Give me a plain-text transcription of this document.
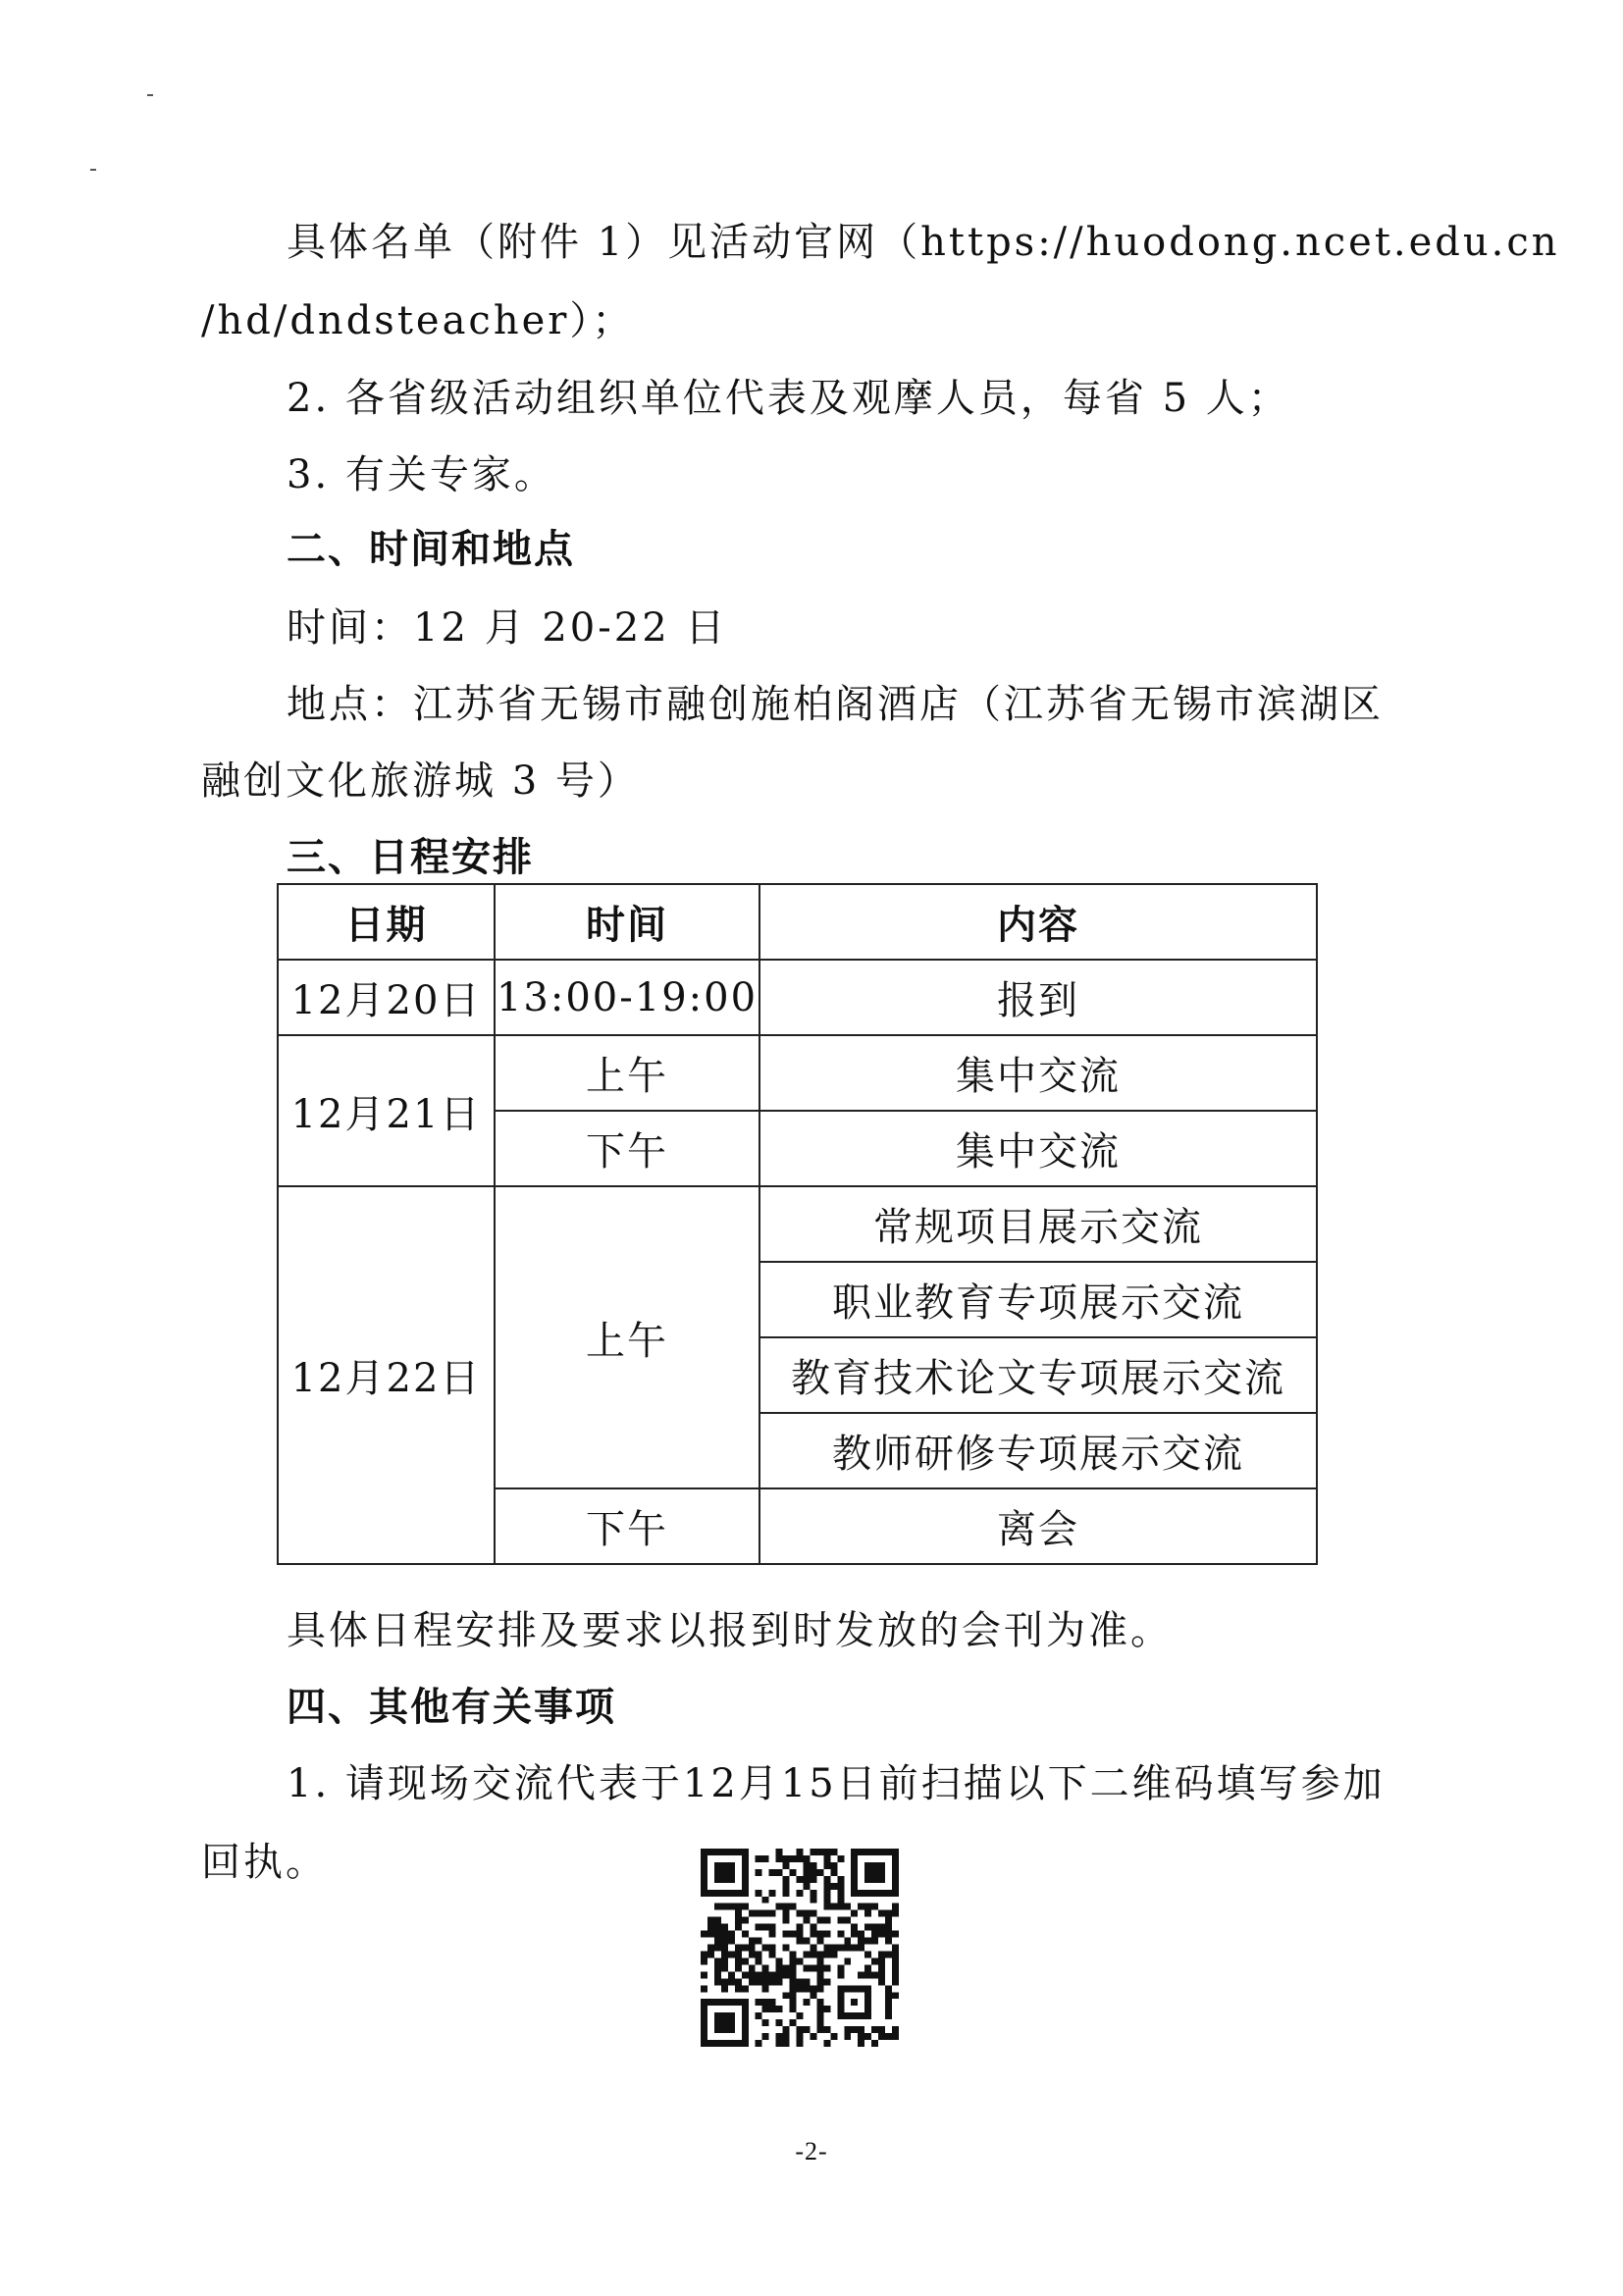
具体名单（附件 1）见活动官网（https://huodong.ncet.edu.cn
/hd/dndsteacher）；
2. 各省级活动组织单位代表及观摩人员，每省 5 人；
3. 有关专家。
二、时间和地点
时间：12 月 20-22 日
地点：江苏省无锡市融创施柏阁酒店（江苏省无锡市滨湖区
融创文化旅游城 3 号）
三、日程安排
日期	时间	内容
12月20日	13:00-19:00	报到
12月21日	上午	集中交流
	下午	集中交流
12月22日	上午	常规项目展示交流
		职业教育专项展示交流
		教育技术论文专项展示交流
		教师研修专项展示交流
	下午	离会
具体日程安排及要求以报到时发放的会刊为准。
四、其他有关事项
1. 请现场交流代表于12月15日前扫描以下二维码填写参加
回执。
-2-
